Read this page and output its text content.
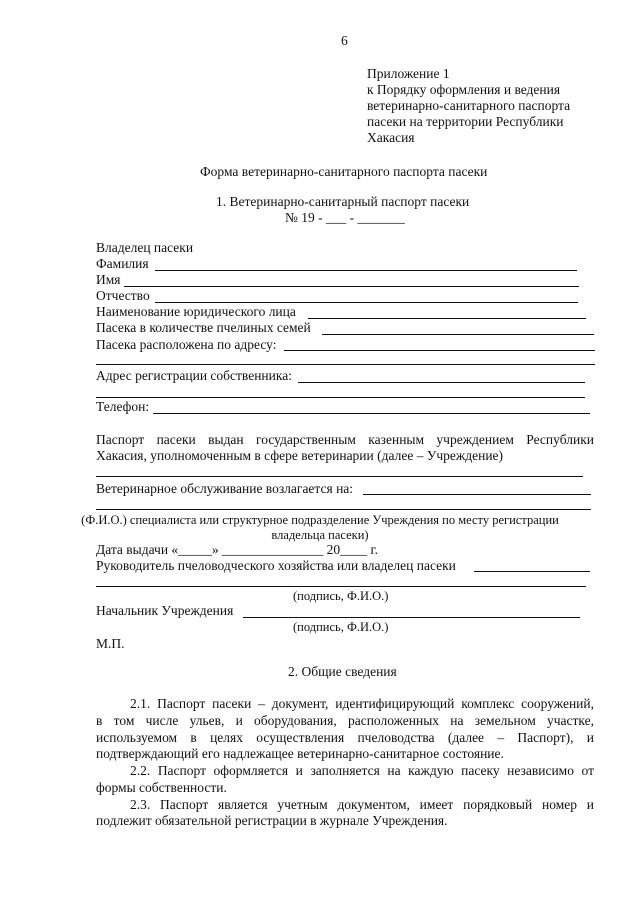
6
Приложение 1
к Порядку оформления и ведения
ветеринарно-санитарного паспорта
пасеки на территории Республики
Хакасия
Форма ветеринарно-санитарного паспорта пасеки
1. Ветеринарно-санитарный паспорт пасеки
№ 19 - ___ - _______
Владелец пасеки
Фамилия
Имя
Отчество
Наименование юридического лица
Пасека в количестве пчелиных семей
Пасека расположена по адресу:
Адрес регистрации собственника:
Телефон:
Паспорт пасеки выдан государственным казенным учреждением Республики
Хакасия, уполномоченным в сфере ветеринарии (далее – Учреждение)
Ветеринарное обслуживание возлагается на:
(Ф.И.О.) специалиста или структурное подразделение Учреждения по месту регистрации
владельца пасеки)
Дата выдачи «_____» _______________ 20____ г.
Руководитель пчеловодческого хозяйства или владелец пасеки
(подпись, Ф.И.О.)
Начальник Учреждения
(подпись, Ф.И.О.)
М.П.
2. Общие сведения
2.1. Паспорт пасеки – документ, идентифицирующий комплекс сооружений,
в том числе ульев, и оборудования, расположенных на земельном участке,
используемом в целях осуществления пчеловодства (далее – Паспорт), и
подтверждающий его надлежащее ветеринарно-санитарное состояние.
2.2. Паспорт оформляется и заполняется на каждую пасеку независимо от
формы собственности.
2.3. Паспорт является учетным документом, имеет порядковый номер и
подлежит обязательной регистрации в журнале Учреждения.
